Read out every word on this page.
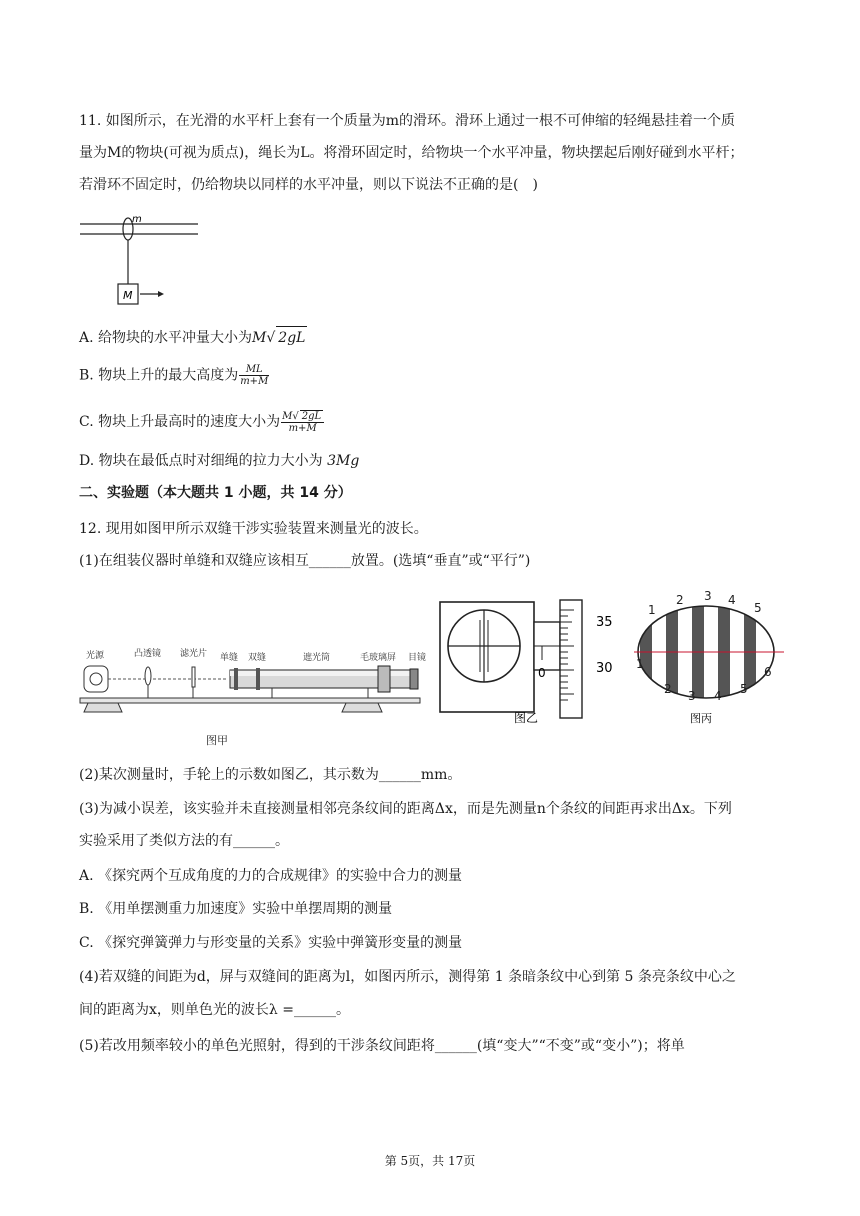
11. 如图所示，在光滑的水平杆上套有一个质量为m的滑环。滑环上通过一根不可伸缩的轻绳悬挂着一个质
量为M的物块(可视为质点)，绳长为L。将滑环固定时，给物块一个水平冲量，物块摆起后刚好碰到水平杆；
若滑环不固定时，仍给物块以同样的水平冲量，则以下说法不正确的是(　)
m
M
A. 给物块的水平冲量大小为M√ 2gL
B. 物块上升的最大高度为 $\frac{ML}{m+M}$
C. 物块上升最高时的速度大小为 $\frac{M√ 2gL}{m+M}$
D. 物块在最低点时对细绳的拉力大小为 3Mg
二、实验题（本大题共 1 小题，共 14 分）
12. 现用如图甲所示双缝干涉实验装置来测量光的波长。
(1)在组装仪器时单缝和双缝应该相互______放置。(选填“垂直”或“平行”)
光源	凸透镜 滤光片 单缝 双缝	遮光筒	毛玻璃屏 目镜
图甲
0
35
30
图乙
1
2 3 4
5
1
2 3 4 5
6
图丙
(2)某次测量时，手轮上的示数如图乙，其示数为______mm。
(3)为减小误差，该实验并未直接测量相邻亮条纹间的距离Δx，而是先测量n个条纹的间距再求出Δx。下列
实验采用了类似方法的有______。
A. 《探究两个互成角度的力的合成规律》的实验中合力的测量
B. 《用单摆测重力加速度》实验中单摆周期的测量
C. 《探究弹簧弹力与形变量的关系》实验中弹簧形变量的测量
(4)若双缝的间距为d，屏与双缝间的距离为l，如图丙所示，测得第 1 条暗条纹中心到第 5 条亮条纹中心之
间的距离为x，则单色光的波长λ =______。
(5)若改用频率较小的单色光照射，得到的干涉条纹间距将______(填“变大”“不变”或“变小”)；将单
第 5页，共 17页
